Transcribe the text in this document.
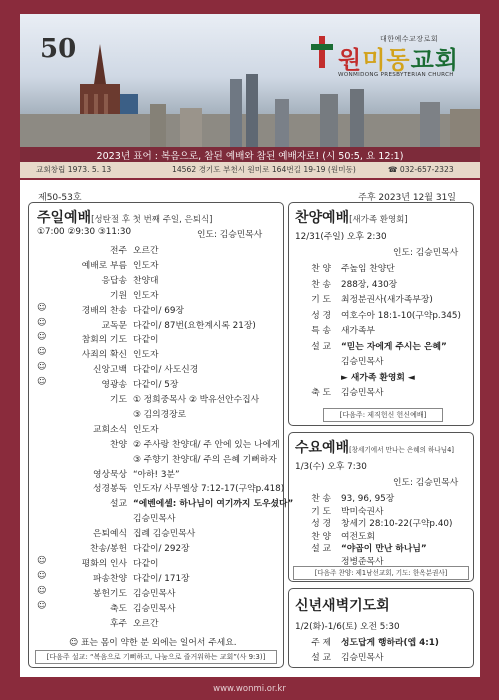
50	대한예수교장로회
원미동교회
WONMIDONG PRESBYTERIAN CHURCH
2023년 표어 : 복음으로, 참된 예배와 참된 예배자로! (시 50:5, 요 12:1)
교회창립 1973. 5. 13	14562 경기도 부천시 원미로 164번길 19-19 (원미동)	☎ 032-657-2323
제50-53호	주후 2023년 12월 31일
주일예배[성탄절 후 첫 번째 주일, 은퇴식]
①7:00 ②9:30 ③11:30	인도: 김승민목사
전주 오르간
예배로 부름 인도자
응답송 찬양대
기원 인도자
☺	경배의 찬송 다같이/ 69장
☺	교독문 다같이/ 87번(요한계시록 21장)
☺	참회의 기도 다같이
☺	사죄의 확신 인도자
☺	신앙고백 다같이/ 사도신경
☺	영광송 다같이/ 5장
기도 ① 정희중목사 ② 박유선안수집사
③ 김의경장로
교회소식 인도자
찬양 ② 주사랑 찬양대/ 주 안에 있는 나에게
③ 주향기 찬양대/ 주의 은혜 기뻐하자
영상묵상 “아하! 3분”
성경봉독 인도자/ 사무엘상 7:12-17(구약p.418)
설교 “에벤에셀: 하나님이 여기까지 도우셨다”
김승민목사
은퇴예식 집례 김승민목사
찬송/봉헌 다같이/ 292장
☺	평화의 인사 다같이
☺	파송찬양 다같이/ 171장
☺	봉헌기도 김승민목사
☺	축도 김승민목사
후주 오르간
☺ 표는 몸이 약한 분 외에는 일어서 주세요.
[다음주 설교: “복음으로 기뻐하고, 나눔으로 즐거워하는 교회”(사 9:3)]
찬양예배[새가족 환영회]
12/31(주일) 오후 2:30
인도: 김승민목사
찬 양 주높임 찬양단
찬 송 288장, 430장
기 도 최정분권사(새가족부장)
성 경 여호수아 18:1-10(구약p.345)
특 송 새가족부
설 교 “믿는 자에게 주시는 은혜”
김승민목사
► 새가족 환영회 ◄
축 도 김승민목사
[다음주: 제직헌신 헌신예배]
수요예배[창세기에서 만나는 은혜의 하나님4]
1/3(수) 오후 7:30
인도: 김승민목사
찬 송 93, 96, 95장
기 도 박미숙권사
성 경 창세기 28:10-22(구약p.40)
찬 양 여전도회
설 교 “야곱이 만난 하나님”
정병준목사
[다음주 찬양: 제1남선교회, 기도: 한옥분권사]
신년새벽기도회
1/2(화)-1/6(토) 오전 5:30
주 제 성도답게 행하라(엡 4:1)
설 교 김승민목사
www.wonmi.or.kr
